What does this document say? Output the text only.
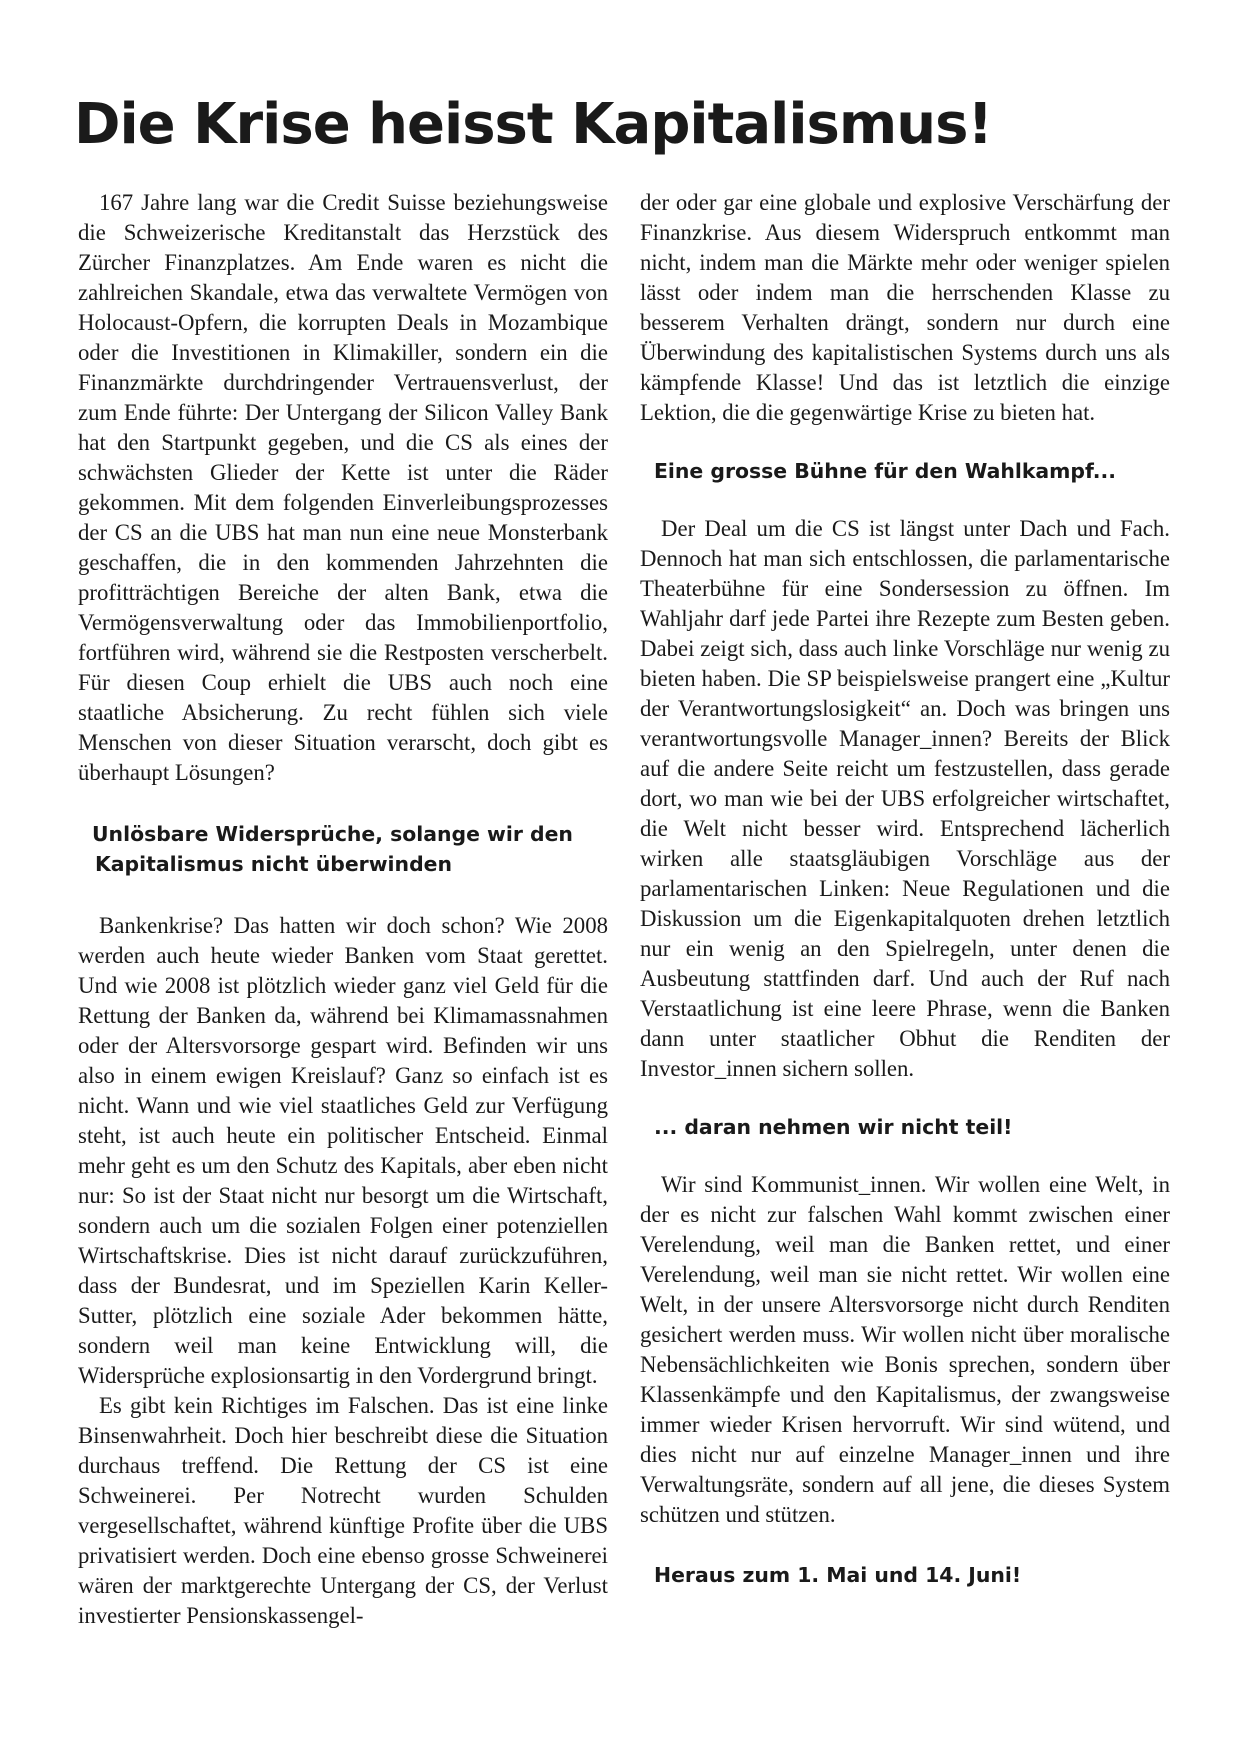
Die Krise heisst Kapitalismus!

167 Jahre lang war die Credit Suisse beziehungsweise die Schweizerische Kreditanstalt das Herzstück des Zürcher Finanzplatzes. Am Ende waren es nicht die zahlreichen Skandale, etwa das verwaltete Vermögen von Holocaust-Opfern, die korrupten Deals in Mozambique oder die Investitionen in Klimakiller, sondern ein die Finanzmärkte durchdringender Vertrauensverlust, der zum Ende führte: Der Untergang der Silicon Valley Bank hat den Startpunkt gegeben, und die CS als eines der schwächsten Glieder der Kette ist unter die Räder gekommen. Mit dem folgenden Einverleibungsprozesses der CS an die UBS hat man nun eine neue Monsterbank geschaffen, die in den kommenden Jahrzehnten die profitträchtigen Bereiche der alten Bank, etwa die Vermögensverwaltung oder das Immobilienportfolio, fortführen wird, während sie die Restposten verscherbelt. Für diesen Coup erhielt die UBS auch noch eine staatliche Absicherung. Zu recht fühlen sich viele Menschen von dieser Situation verarscht, doch gibt es überhaupt Lösungen?

Unlösbare Widersprüche, solange wir den

Kapitalismus nicht überwinden

Bankenkrise? Das hatten wir doch schon? Wie 2008 werden auch heute wieder Banken vom Staat gerettet. Und wie 2008 ist plötzlich wieder ganz viel Geld für die Rettung der Banken da, während bei Klimamassnahmen oder der Altersvorsorge gespart wird. Befinden wir uns also in einem ewigen Kreislauf? Ganz so einfach ist es nicht. Wann und wie viel staatliches Geld zur Verfügung steht, ist auch heute ein politischer Entscheid. Einmal mehr geht es um den Schutz des Kapitals, aber eben nicht nur: So ist der Staat nicht nur besorgt um die Wirtschaft, sondern auch um die sozialen Folgen einer potenziellen Wirtschaftskrise. Dies ist nicht darauf zurückzuführen, dass der Bundesrat, und im Speziellen Karin Keller-Sutter, plötzlich eine soziale Ader bekommen hätte, sondern weil man keine Entwicklung will, die Widersprüche explosionsartig in den Vordergrund bringt.

Es gibt kein Richtiges im Falschen. Das ist eine linke Binsenwahrheit. Doch hier beschreibt diese die Situation durchaus treffend. Die Rettung der CS ist eine Schweinerei. Per Notrecht wurden Schulden vergesellschaftet, während künftige Profite über die UBS privatisiert werden. Doch eine ebenso grosse Schweinerei wären der marktgerechte Untergang der CS, der Verlust investierter Pensionskassengel-

der oder gar eine globale und explosive Verschärfung der Finanzkrise. Aus diesem Widerspruch entkommt man nicht, indem man die Märkte mehr oder weniger spielen lässt oder indem man die herrschenden Klasse zu besserem Verhalten drängt, sondern nur durch eine Überwindung des kapitalistischen Systems durch uns als kämpfende Klasse! Und das ist letztlich die einzige Lektion, die die gegenwärtige Krise zu bieten hat.

Eine grosse Bühne für den Wahlkampf...

Der Deal um die CS ist längst unter Dach und Fach. Dennoch hat man sich entschlossen, die parlamentarische Theaterbühne für eine Sondersession zu öffnen. Im Wahljahr darf jede Partei ihre Rezepte zum Besten geben. Dabei zeigt sich, dass auch linke Vorschläge nur wenig zu bieten haben. Die SP beispielsweise prangert eine „Kultur der Verantwortungslosigkeit“ an. Doch was bringen uns verantwortungsvolle Manager_innen? Bereits der Blick auf die andere Seite reicht um festzustellen, dass gerade dort, wo man wie bei der UBS erfolgreicher wirtschaftet, die Welt nicht besser wird. Entsprechend lächerlich wirken alle staatsgläubigen Vorschläge aus der parlamentarischen Linken: Neue Regulationen und die Diskussion um die Eigenkapitalquoten drehen letztlich nur ein wenig an den Spielregeln, unter denen die Ausbeutung stattfinden darf. Und auch der Ruf nach Verstaatlichung ist eine leere Phrase, wenn die Banken dann unter staatlicher Obhut die Renditen der Investor_innen sichern sollen.

... daran nehmen wir nicht teil!

Wir sind Kommunist_innen. Wir wollen eine Welt, in der es nicht zur falschen Wahl kommt zwischen einer Verelendung, weil man die Banken rettet, und einer Verelendung, weil man sie nicht rettet. Wir wollen eine Welt, in der unsere Altersvorsorge nicht durch Renditen gesichert werden muss. Wir wollen nicht über moralische Nebensächlichkeiten wie Bonis sprechen, sondern über Klassenkämpfe und den Kapitalismus, der zwangsweise immer wieder Krisen hervorruft. Wir sind wütend, und dies nicht nur auf einzelne Manager_innen und ihre Verwaltungsräte, sondern auf all jene, die dieses System schützen und stützen.

Heraus zum 1. Mai und 14. Juni!
